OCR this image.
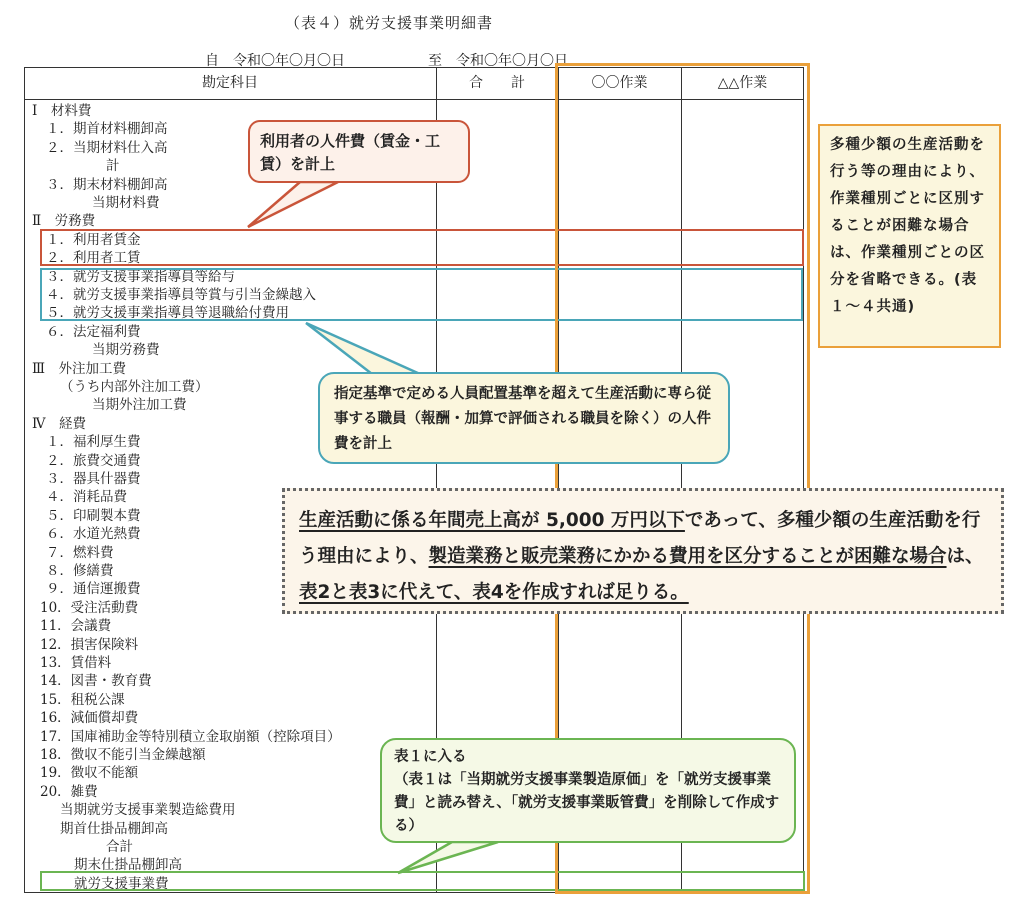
（表４）就労支援事業明細書
自　令和〇年〇月〇日	至　令和〇年〇月〇日
勘定科目	合　　計	〇〇作業	△△作業
Ⅰ　材料費
１．期首材料棚卸高
２．当期材料仕入高
計
３．期末材料棚卸高
当期材料費
Ⅱ　労務費
１．利用者賃金
２．利用者工賃
３．就労支援事業指導員等給与
４．就労支援事業指導員等賞与引当金繰越入
５．就労支援事業指導員等退職給付費用
６．法定福利費
当期労務費
Ⅲ　外注加工費
（うち内部外注加工費）
当期外注加工費
Ⅳ　経費
１．福利厚生費
２．旅費交通費
３．器具什器費
４．消耗品費
５．印刷製本費
６．水道光熱費
７．燃料費
８．修繕費
９．通信運搬費
10．受注活動費
11．会議費
12．損害保険料
13．賃借料
14．図書・教育費
15．租税公課
16．減価償却費
17．国庫補助金等特別積立金取崩額（控除項目）
18．徴収不能引当金繰越額
19．徴収不能額
20．雑費
当期就労支援事業製造総費用
期首仕掛品棚卸高
合計
期末仕掛品棚卸高
就労支援事業費
利用者の人件費（賃金・工賃）を計上
指定基準で定める人員配置基準を超えて生産活動に専ら従事する職員（報酬・加算で評価される職員を除く）の人件費を計上
多種少額の生産活動を行う等の理由により、作業種別ごとに区別することが困難な場合は、作業種別ごとの区分を省略できる。(表１～４共通)
表１に入る
（表１は「当期就労支援事業製造原価」を「就労支援事業費」と読み替え、「就労支援事業販管費」を削除して作成する）
生産活動に係る年間売上高が 5,000 万円以下であって、多種少額の生産活動を行う理由により、製造業務と販売業務にかかる費用を区分することが困難な場合は、表2と表3に代えて、表4を作成すれば足りる。
